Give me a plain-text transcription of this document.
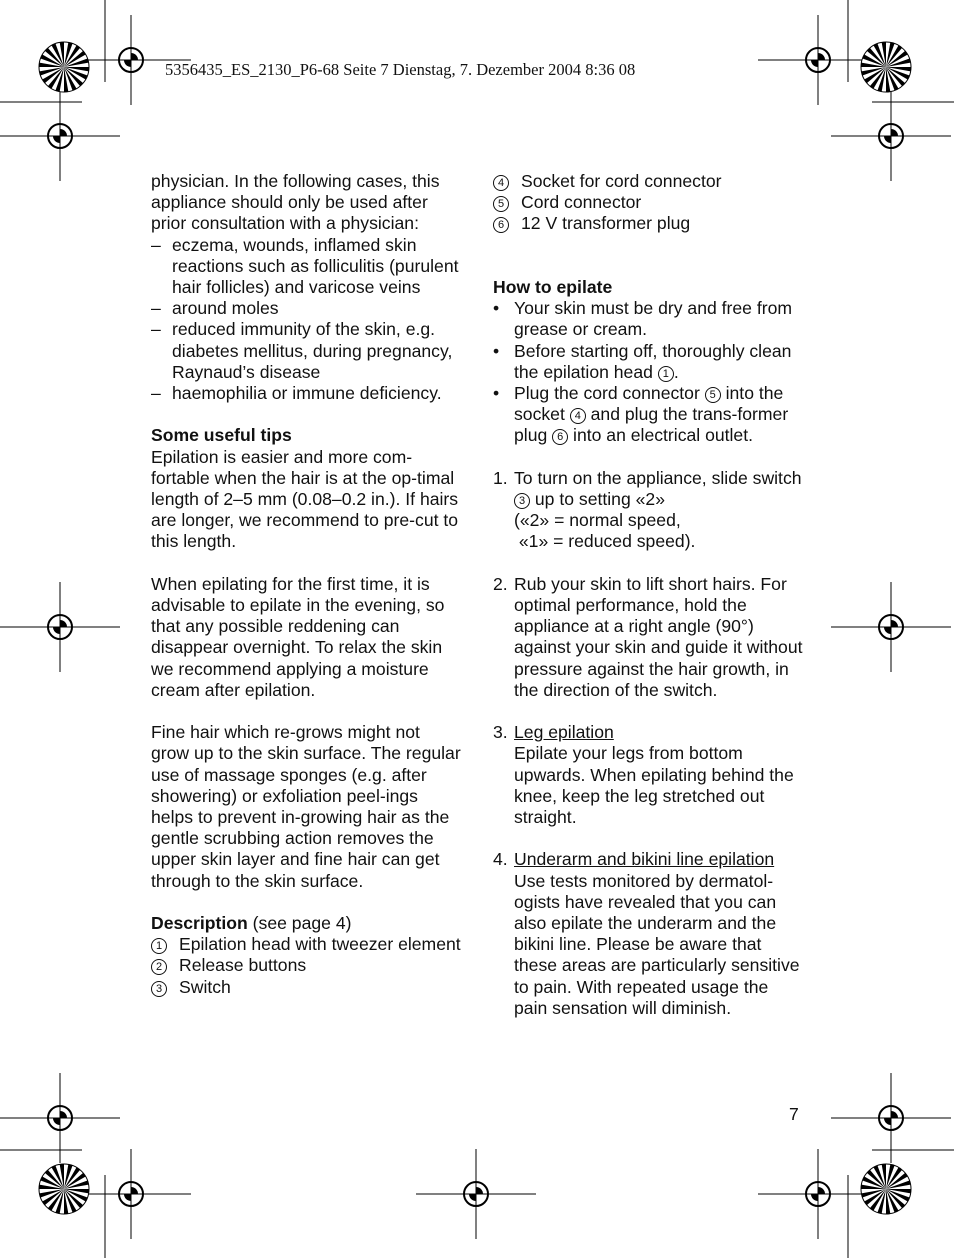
5356435_ES_2130_P6-68 Seite 7 Dienstag, 7. Dezember 2004 8:36 08

physician. In the following cases, this appliance should only be used after prior consultation with a physician:

– eczema, wounds, inflamed skin reactions such as folliculitis (purulent hair follicles) and varicose veins
– around moles
– reduced immunity of the skin, e.g. diabetes mellitus, during pregnancy, Raynaud’s disease
– haemophilia or immune deficiency.

Some useful tips

Epilation is easier and more com-fortable when the hair is at the op-timal length of 2–5 mm (0.08–0.2 in.). If hairs are longer, we recommend to pre-cut to this length.

When epilating for the first time, it is advisable to epilate in the evening, so that any possible reddening can disappear overnight. To relax the skin we recommend applying a moisture cream after epilation.

Fine hair which re-grows might not grow up to the skin surface. The regular use of massage sponges (e.g. after showering) or exfoliation peel-ings helps to prevent in-growing hair as the gentle scrubbing action removes the upper skin layer and fine hair can get through to the skin surface.

Description (see page 4)

1 Epilation head with tweezer element
2 Release buttons
3 Switch
4 Socket for cord connector
5 Cord connector
6 12 V transformer plug

How to epilate

• Your skin must be dry and free from grease or cream.
• Before starting off, thoroughly clean the epilation head 1 .
• Plug the cord connector 5 into the socket 4 and plug the trans-former plug 6 into an electrical outlet.
1. To turn on the appliance, slide switch 3 up to setting «2»
(«2» = normal speed,
«1» = reduced speed).
2. Rub your skin to lift short hairs. For optimal performance, hold the appliance at a right angle (90°) against your skin and guide it without pressure against the hair growth, in the direction of the switch.
3. Leg epilation
Epilate your legs from bottom upwards. When epilating behind the knee, keep the leg stretched out straight.
4. Underarm and bikini line epilation
Use tests monitored by dermatol-ogists have revealed that you can also epilate the underarm and the bikini line. Please be aware that these areas are particularly sensitive to pain. With repeated usage the pain sensation will diminish.
7
